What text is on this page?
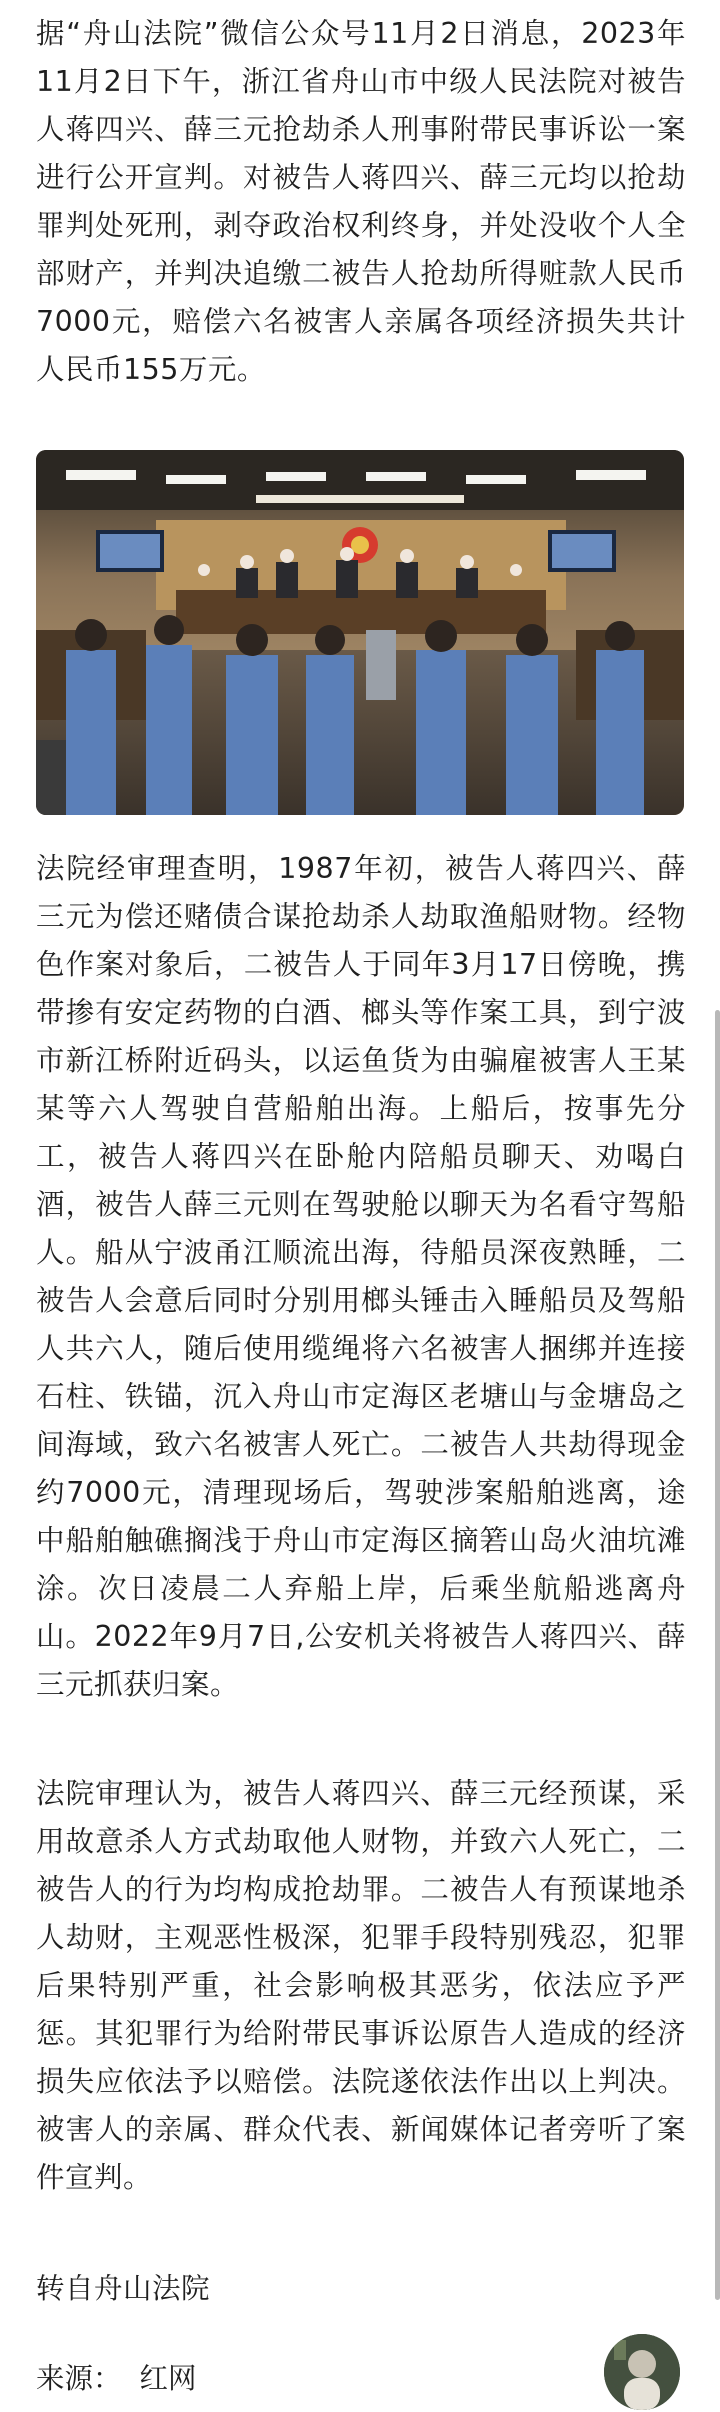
据“舟山法院”微信公众号11月2日消息，2023年11月2日下午，浙江省舟山市中级人民法院对被告人蒋四兴、薛三元抢劫杀人刑事附带民事诉讼一案进行公开宣判。对被告人蒋四兴、薛三元均以抢劫罪判处死刑，剥夺政治权利终身，并处没收个人全部财产，并判决追缴二被告人抢劫所得赃款人民币7000元，赔偿六名被害人亲属各项经济损失共计人民币155万元。

法院经审理查明，1987年初，被告人蒋四兴、薛三元为偿还赌债合谋抢劫杀人劫取渔船财物。经物色作案对象后，二被告人于同年3月17日傍晚，携带掺有安定药物的白酒、榔头等作案工具，到宁波市新江桥附近码头，以运鱼货为由骗雇被害人王某某等六人驾驶自营船舶出海。上船后，按事先分工，被告人蒋四兴在卧舱内陪船员聊天、劝喝白酒，被告人薛三元则在驾驶舱以聊天为名看守驾船人。船从宁波甬江顺流出海，待船员深夜熟睡，二被告人会意后同时分别用榔头锤击入睡船员及驾船人共六人，随后使用缆绳将六名被害人捆绑并连接石柱、铁锚，沉入舟山市定海区老塘山与金塘岛之间海域，致六名被害人死亡。二被告人共劫得现金约7000元，清理现场后，驾驶涉案船舶逃离，途中船舶触礁搁浅于舟山市定海区摘箬山岛火油坑滩涂。次日凌晨二人弃船上岸，后乘坐航船逃离舟山。2022年9月7日,公安机关将被告人蒋四兴、薛三元抓获归案。

法院审理认为，被告人蒋四兴、薛三元经预谋，采用故意杀人方式劫取他人财物，并致六人死亡，二被告人的行为均构成抢劫罪。二被告人有预谋地杀人劫财，主观恶性极深，犯罪手段特别残忍，犯罪后果特别严重，社会影响极其恶劣，依法应予严惩。其犯罪行为给附带民事诉讼原告人造成的经济损失应依法予以赔偿。法院遂依法作出以上判决。被害人的亲属、群众代表、新闻媒体记者旁听了案件宣判。

转自舟山法院

来源： 红网
